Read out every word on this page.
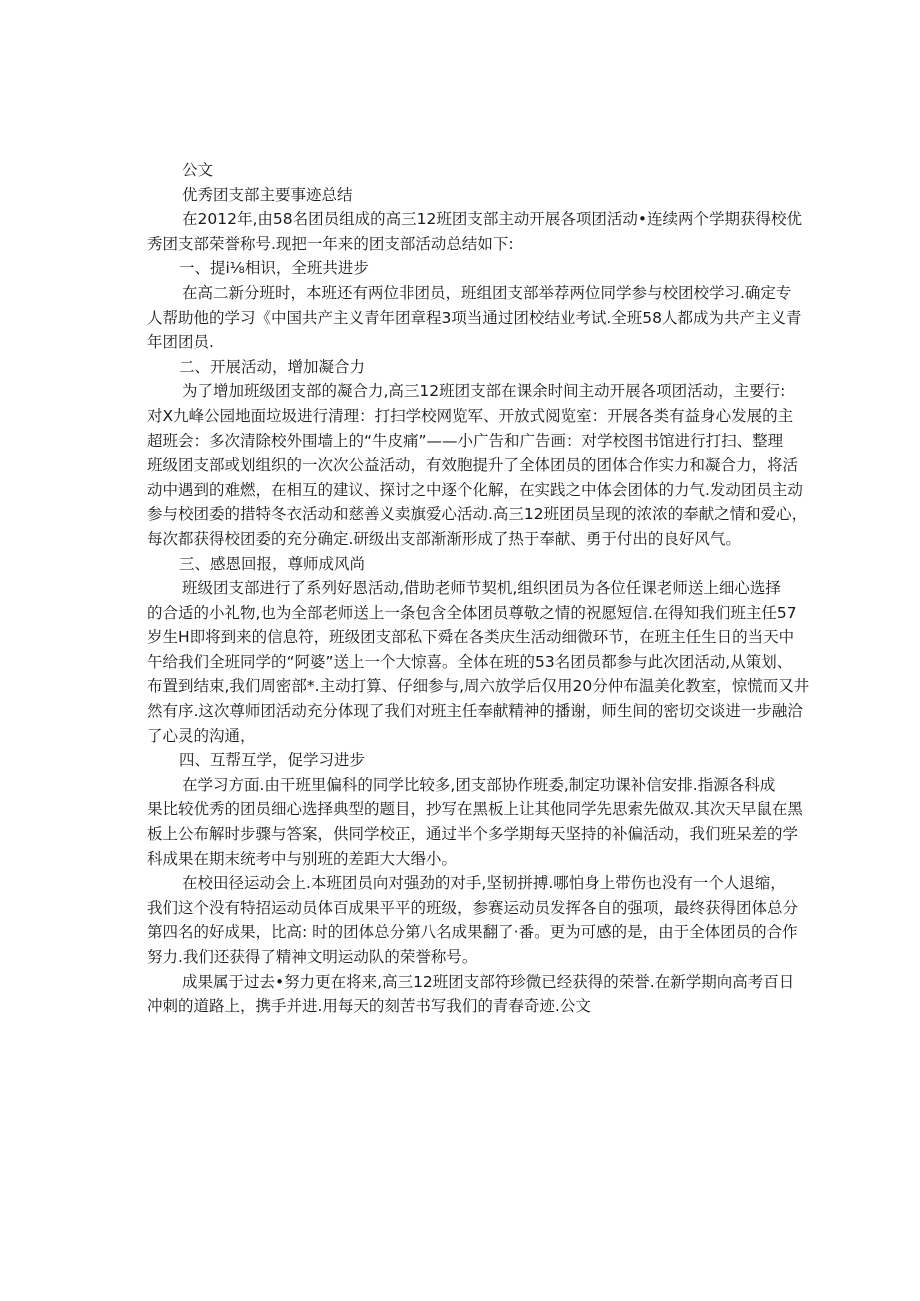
公文
优秀团支部主要事迹总结
在2012年,由58名团员组成的高三12班团支部主动开展各项团活动•连续两个学期获得校优
秀团支部荣誉称号.现把一年来的团支部活动总结如下:
一、提i⅛相识，全班共进步
在高二新分班时，本班还有两位非团员，班组团支部举荐两位同学参与校团校学习.确定专
人帮助他的学习《中国共产主义青年团章程3项当通过团校结业考试.全班58人都成为共产主义青
年团团员.
二、开展活动，增加凝合力
为了增加班级团支部的凝合力,高三12班团支部在课余时间主动开展各项团活动，主要行:
对X九峰公园地面垃圾进行清理：打扫学校网览军、开放式阅览室：开展各类有益身心发展的主
超班会：多次清除校外围墙上的“牛皮痛”——小广告和广告画：对学校图书馆进行打扫、整理
班级团支部或划组织的一次次公益活动，有效胞提升了全体团员的团体合作实力和凝合力，将活
动中遇到的难燃，在相互的建议、探讨之中逐个化解，在实践之中体会团体的力气.发动团员主动
参与校团委的措特冬衣活动和慈善义卖旗爱心活动.高三12班团员呈现的浓浓的奉献之情和爱心，
每次都获得校团委的充分确定.研级出支部渐渐形成了热于奉献、勇于付出的良好风气。
三、感恩回报，尊师成风尚
班级团支部进行了系列好恩活动,借助老师节契机,组织团员为各位任课老师送上细心选择
的合适的小礼物,也为全部老师送上一条包含全体团员尊敬之情的祝愿短信.在得知我们班主任57
岁生H即将到来的信息符，班级团支部私下舜在各类庆生活动细微环节，在班主任生日的当天中
午给我们全班同学的“阿婆”送上一个大惊喜。全体在班的53名团员都参与此次团活动,从策划、
布置到结束,我们周密部*.主动打算、仔细参与,周六放学后仅用20分仲布温美化教室，惊慌而又井
然有序.这次尊师团活动充分体现了我们对班主任奉献精神的播谢，师生间的密切交谈进一步融洽
了心灵的沟通，
四、互帮互学，促学习进步
在学习方面.由干班里偏科的同学比较多,团支部协作班委,制定功课补信安排.指源各科成
果比较优秀的团员细心选择典型的题目，抄写在黑板上让其他同学先思索先做双.其次天早鼠在黑
板上公布解时步骤与答案，供同学校正，通过半个多学期每天坚持的补偏活动，我们班呆差的学
科成果在期末统考中与别班的差距大大缗小。
在校田径运动会上.本班团员向对强劲的对手,坚韧拼搏.哪怕身上带伤也没有一个人退缩，
我们这个没有特招运动员体百成果平平的班级，参赛运动员发挥各自的强项，最终获得团体总分
第四名的好成果，比高: 时的团体总分第八名成果翻了·番。更为可感的是，由于全体团员的合作
努力.我们还获得了精神文明运动队的荣誉称号。
成果属于过去•努力更在将来,高三12班团支部符珍微已经获得的荣誉.在新学期向高考百日
冲刺的道路上，携手并进.用每天的刻苦书写我们的青春奇迹.公文
